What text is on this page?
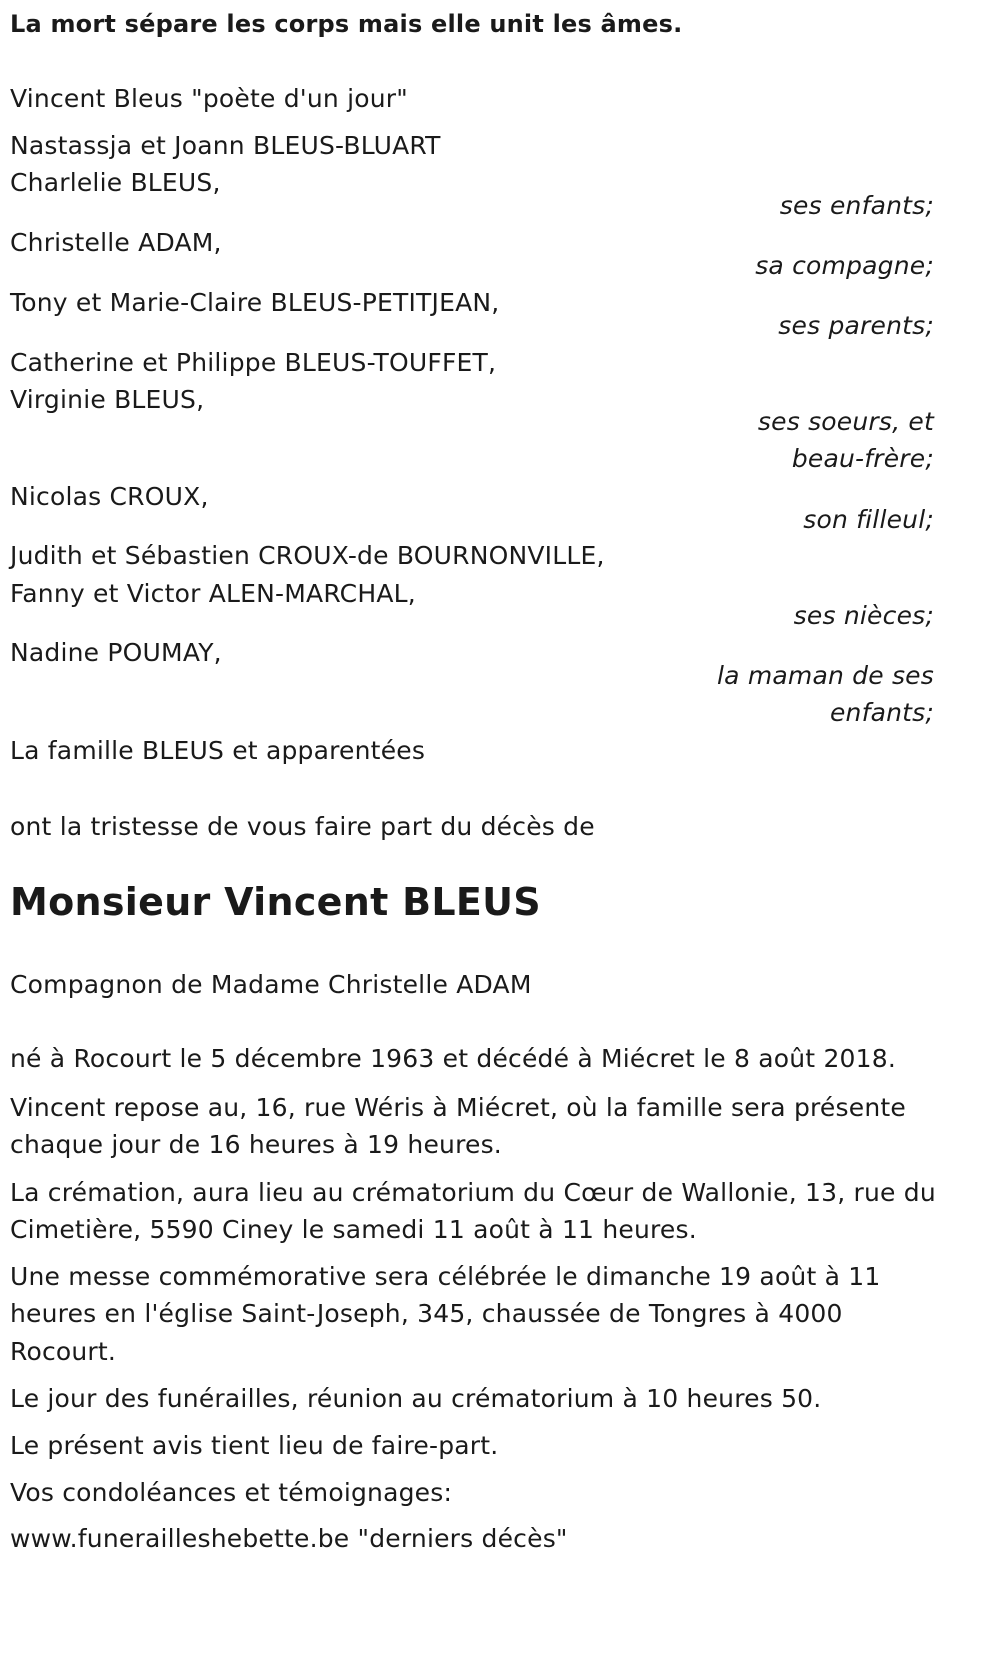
La mort sépare les corps mais elle unit les âmes.
Vincent Bleus "poète d'un jour"
Nastassja et Joann BLEUS-BLUART
Charlelie BLEUS,
ses enfants;
Christelle ADAM,
sa compagne;
Tony et Marie-Claire BLEUS-PETITJEAN,
ses parents;
Catherine et Philippe BLEUS-TOUFFET,
Virginie BLEUS,
ses soeurs, et
beau-frère;
Nicolas CROUX,
son filleul;
Judith et Sébastien CROUX-de BOURNONVILLE,
Fanny et Victor ALEN-MARCHAL,
ses nièces;
Nadine POUMAY,
la maman de ses
enfants;
La famille BLEUS et apparentées
ont la tristesse de vous faire part du décès de
Monsieur Vincent BLEUS
Compagnon de Madame Christelle ADAM
né à Rocourt le 5 décembre 1963 et décédé à Miécret le 8 août 2018.
Vincent repose au, 16, rue Wéris à Miécret, où la famille sera présente
chaque jour de 16 heures à 19 heures.
La crémation, aura lieu au crématorium du Cœur de Wallonie, 13, rue du
Cimetière, 5590 Ciney le samedi 11 août à 11 heures.
Une messe commémorative sera célébrée le dimanche 19 août à 11
heures en l'église Saint-Joseph, 345, chaussée de Tongres à 4000
Rocourt.
Le jour des funérailles, réunion au crématorium à 10 heures 50.
Le présent avis tient lieu de faire-part.
Vos condoléances et témoignages:
www.funerailleshebette.be "derniers décès"
